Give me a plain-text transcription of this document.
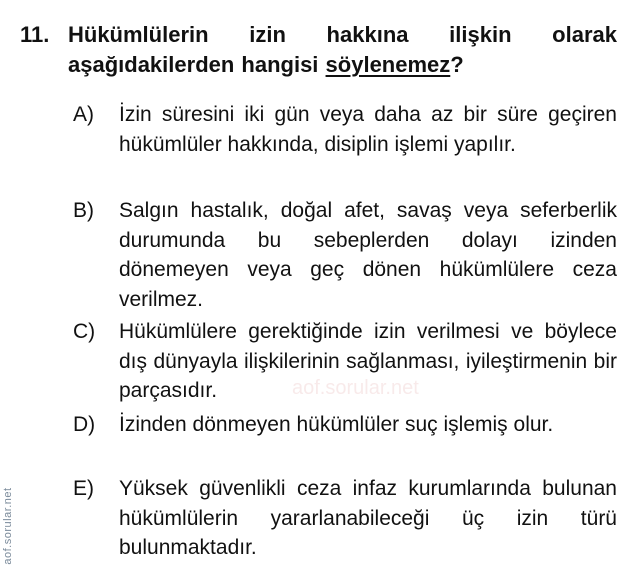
11. Hükümlülerin izin hakkına ilişkin olarak
aşağıdakilerden hangisi söylenemez?
A) İzin süresini iki gün veya daha az bir süre geçiren hükümlüler hakkında, disiplin işlemi yapılır.
B) Salgın hastalık, doğal afet, savaş veya seferberlik durumunda bu sebeplerden dolayı izinden dönemeyen veya geç dönen hükümlülere ceza verilmez.
C) Hükümlülere gerektiğinde izin verilmesi ve böylece dış dünyayla ilişkilerinin sağlanması, iyileştirmenin bir parçasıdır.
D) İzinden dönmeyen hükümlüler suç işlemiş olur.
E) Yüksek güvenlikli ceza infaz kurumlarında bulunan hükümlülerin yararlanabileceği üç izin türü bulunmaktadır.
aof.sorular.net
aof.sorular.net
